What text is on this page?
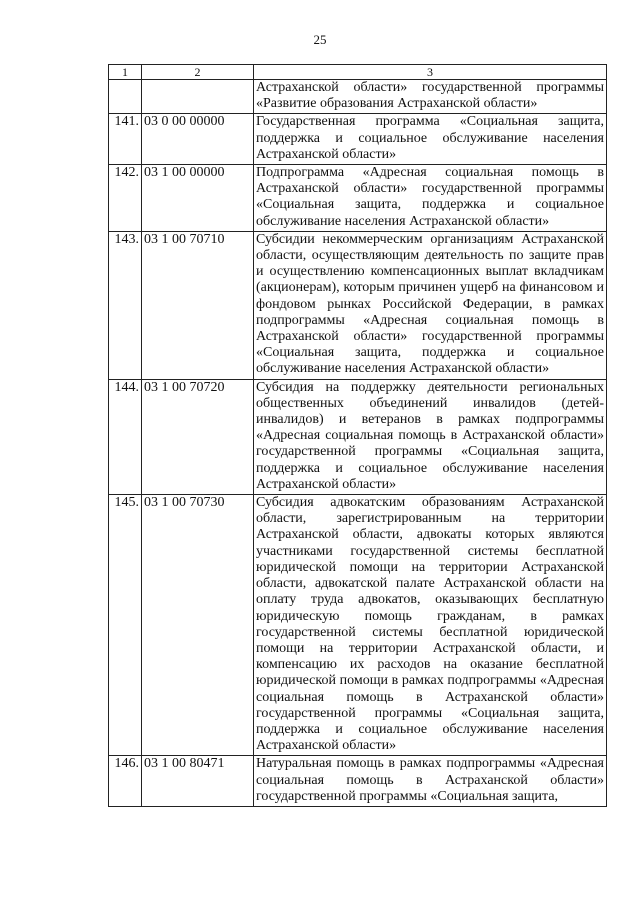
25
1	2	3
		Астраханской области» государственной программы «Развитие образования Астраханской области»
141.	03 0 00 00000	Государственная программа «Социальная защита, поддержка и социальное обслуживание населения Астраханской области»
142.	03 1 00 00000	Подпрограмма «Адресная социальная помощь в Астраханской области» государственной программы «Социальная защита, поддержка и социальное обслуживание населения Астраханской области»
143.	03 1 00 70710	Субсидии некоммерческим организациям Астраханской области, осуществляющим деятельность по защите прав и осуществлению компенсационных выплат вкладчикам (акционерам), которым причинен ущерб на финансовом и фондовом рынках Российской Федерации, в рамках подпрограммы «Адресная социальная помощь в Астраханской области» государственной программы «Социальная защита, поддержка и социальное обслуживание населения Астраханской области»
144.	03 1 00 70720	Субсидия на поддержку деятельности региональных общественных объединений инвалидов (детей-инвалидов) и ветеранов в рамках подпрограммы «Адресная социальная помощь в Астраханской области» государственной программы «Социальная защита, поддержка и социальное обслуживание населения Астраханской области»
145.	03 1 00 70730	Субсидия адвокатским образованиям Астраханской области, зарегистрированным на территории Астраханской области, адвокаты которых являются участниками государственной системы бесплатной юридической помощи на территории Астраханской области, адвокатской палате Астраханской области на оплату труда адвокатов, оказывающих бесплатную юридическую помощь гражданам, в рамках государственной системы бесплатной юридической помощи на территории Астраханской области, и компенсацию их расходов на оказание бесплатной юридической помощи в рамках подпрограммы «Адресная социальная помощь в Астраханской области» государственной программы «Социальная защита, поддержка и социальное обслуживание населения Астраханской области»
146.	03 1 00 80471	Натуральная помощь в рамках подпрограммы «Адресная социальная помощь в Астраханской области» государственной программы «Социальная защита,
